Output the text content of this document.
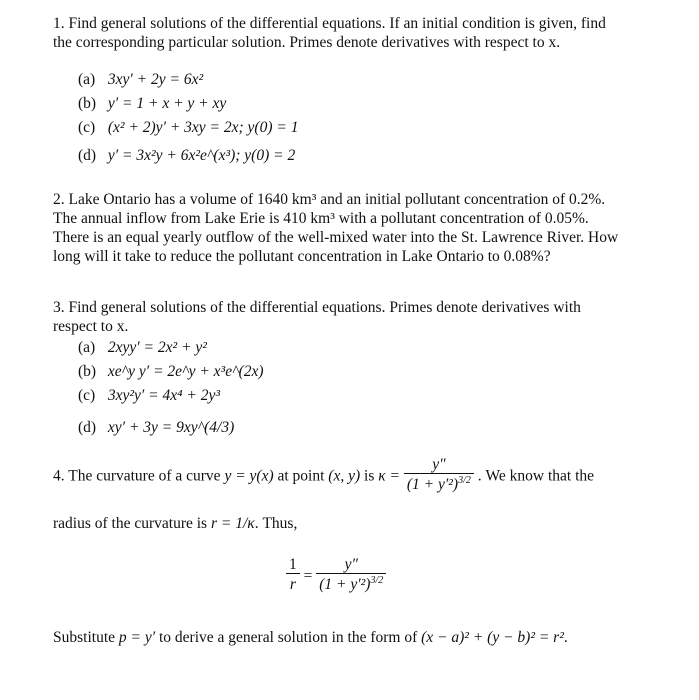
1. Find general solutions of the differential equations. If an initial condition is given, find
the corresponding particular solution. Primes denote derivatives with respect to x.
(a) 3xy′ + 2y = 6x²
(b) y′ = 1 + x + y + xy
(c) (x² + 2)y′ + 3xy = 2x; y(0) = 1
(d) y′ = 3x²y + 6x²e^(x³); y(0) = 2
2. Lake Ontario has a volume of 1640 km³ and an initial pollutant concentration of 0.2%.
The annual inflow from Lake Erie is 410 km³ with a pollutant concentration of 0.05%.
There is an equal yearly outflow of the well-mixed water into the St. Lawrence River. How
long will it take to reduce the pollutant concentration in Lake Ontario to 0.08%?
3. Find general solutions of the differential equations. Primes denote derivatives with
respect to x.
(a) 2xyy′ = 2x² + y²
(b) xe^y y′ = 2e^y + x³e^(2x)
(c) 3xy²y′ = 4x⁴ + 2y³
(d) xy′ + 3y = 9xy^(4/3)
4. The curvature of a curve y = y(x) at point (x, y) is $\kappa = \frac{y''}{(1 + y'^2)^{3/2}}$ . We know that the
radius of the curvature is r = 1/κ. Thus,
$\frac{1}{r} = \frac{y''}{(1 + y'^2)^{3/2}}$
Substitute p = y′ to derive a general solution in the form of (x − a)² + (y − b)² = r².
